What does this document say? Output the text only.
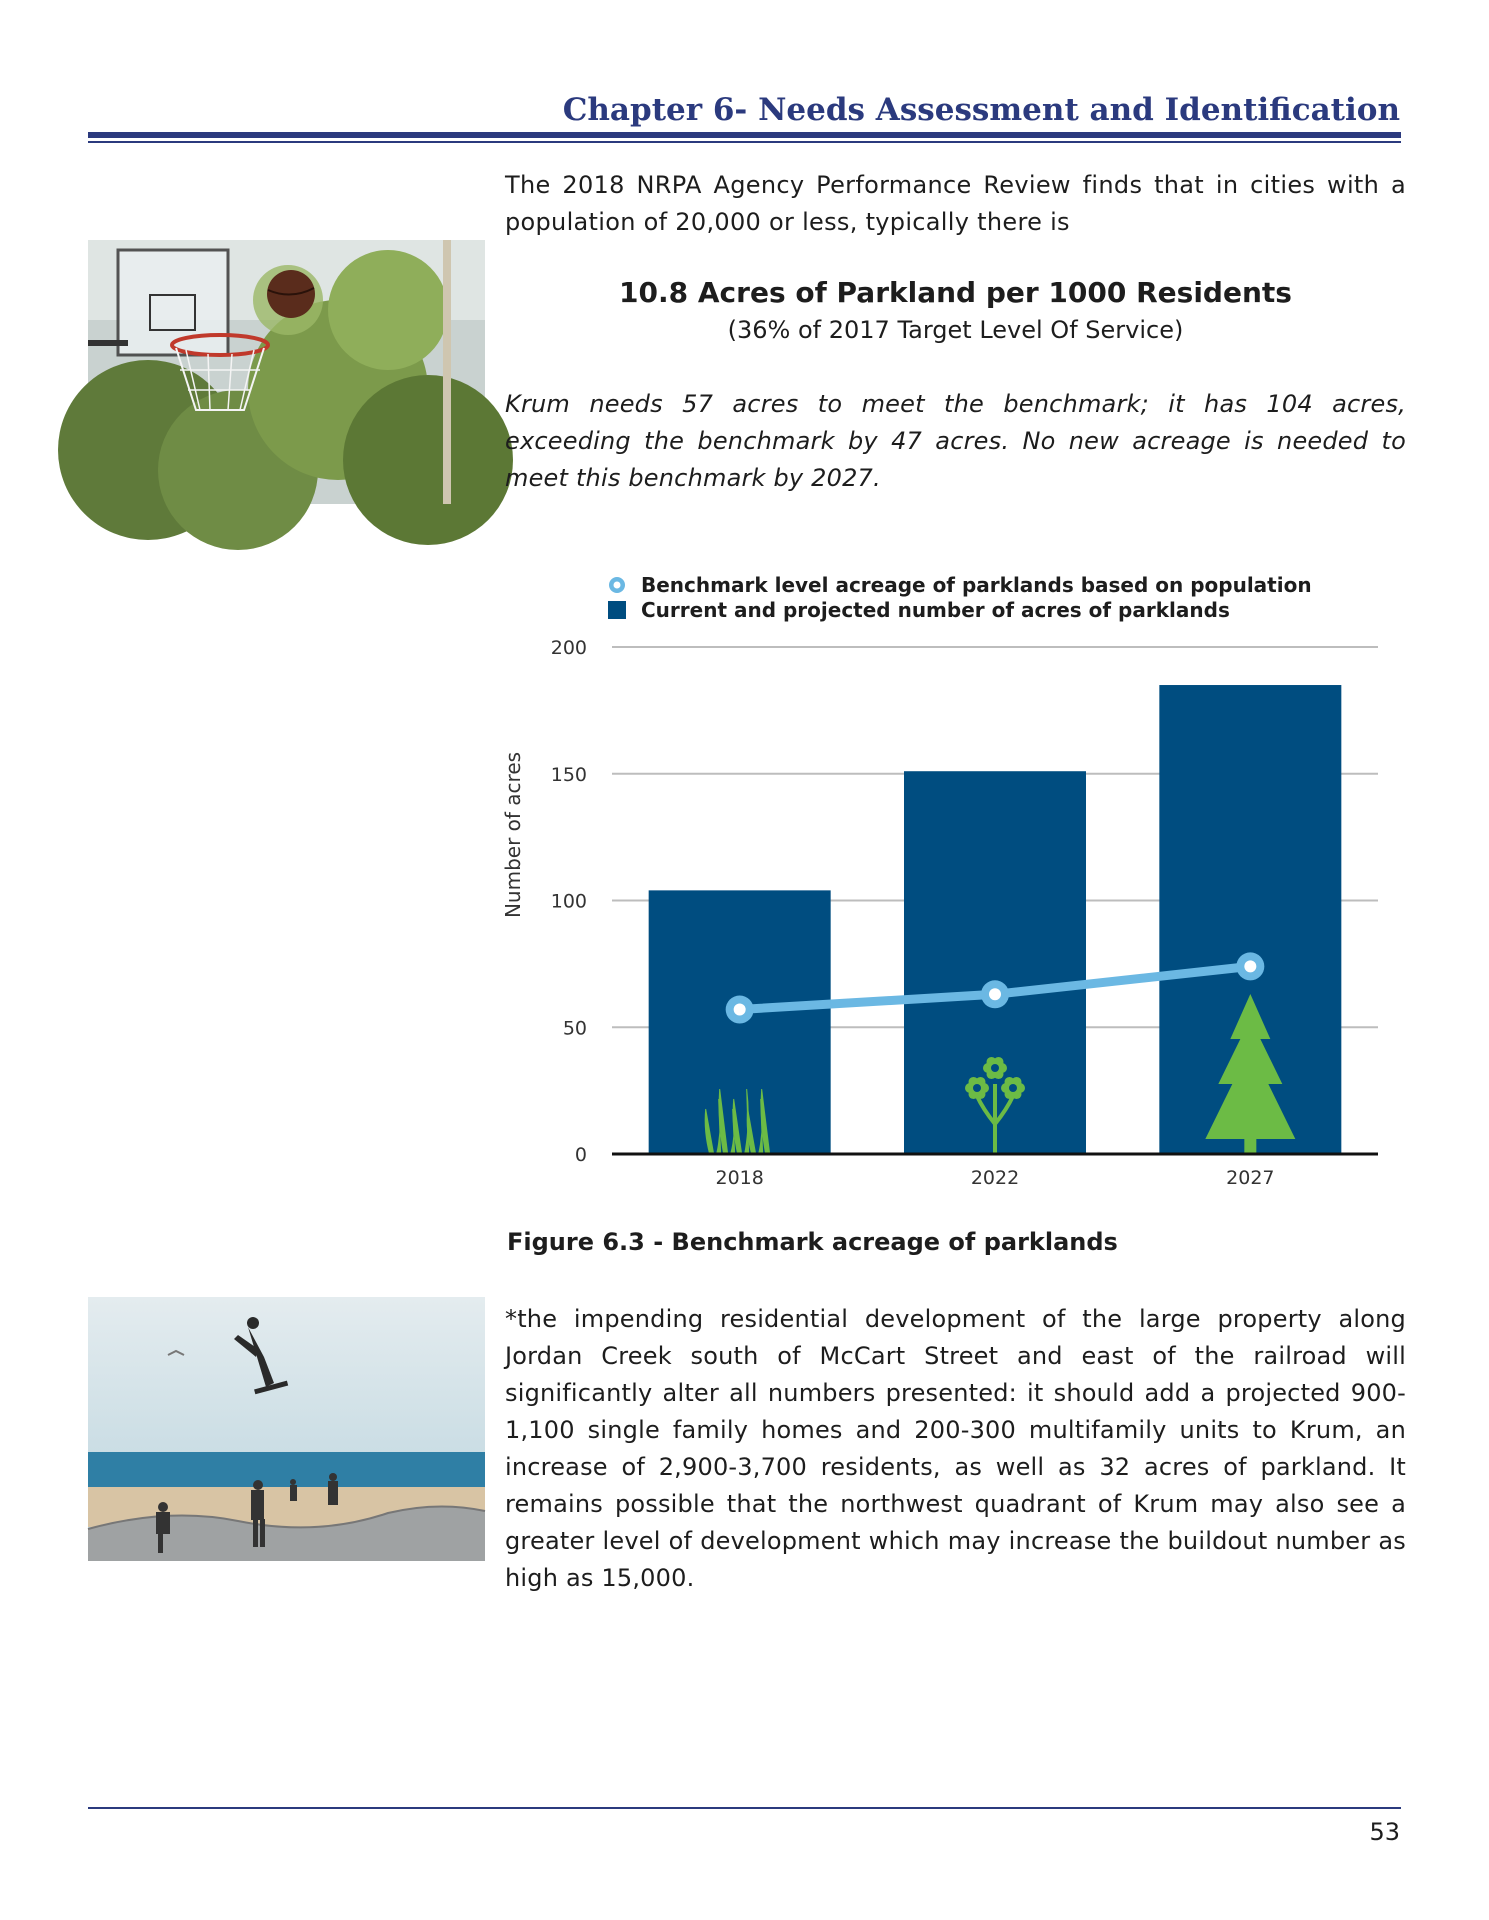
Chapter 6- Needs Assessment and Identification

The 2018 NRPA Agency Performance Review finds that in cities with a population of 20,000 or less, typically there is

10.8 Acres of Parkland per 1000 Residents

(36% of 2017 Target Level Of Service)

Krum needs 57 acres to meet the benchmark; it has 104 acres, exceeding the benchmark by 47 acres. No new acreage is needed to meet this benchmark by 2027.

Benchmark level acreage of parklands based on population
Current and projected number of acres of parklands
0
50
100
150
200
2018	2022	2027
Number of acres

Figure 6.3 - Benchmark acreage of parklands

*the impending residential development of the large property along Jordan Creek south of McCart Street and east of the railroad will significantly alter all numbers presented: it should add a projected 900-1,100 single family homes and 200-300 multifamily units to Krum, an increase of 2,900-3,700 residents, as well as 32 acres of parkland. It remains possible that the northwest quadrant of Krum may also see a greater level of development which may increase the buildout number as high as 15,000.

53
